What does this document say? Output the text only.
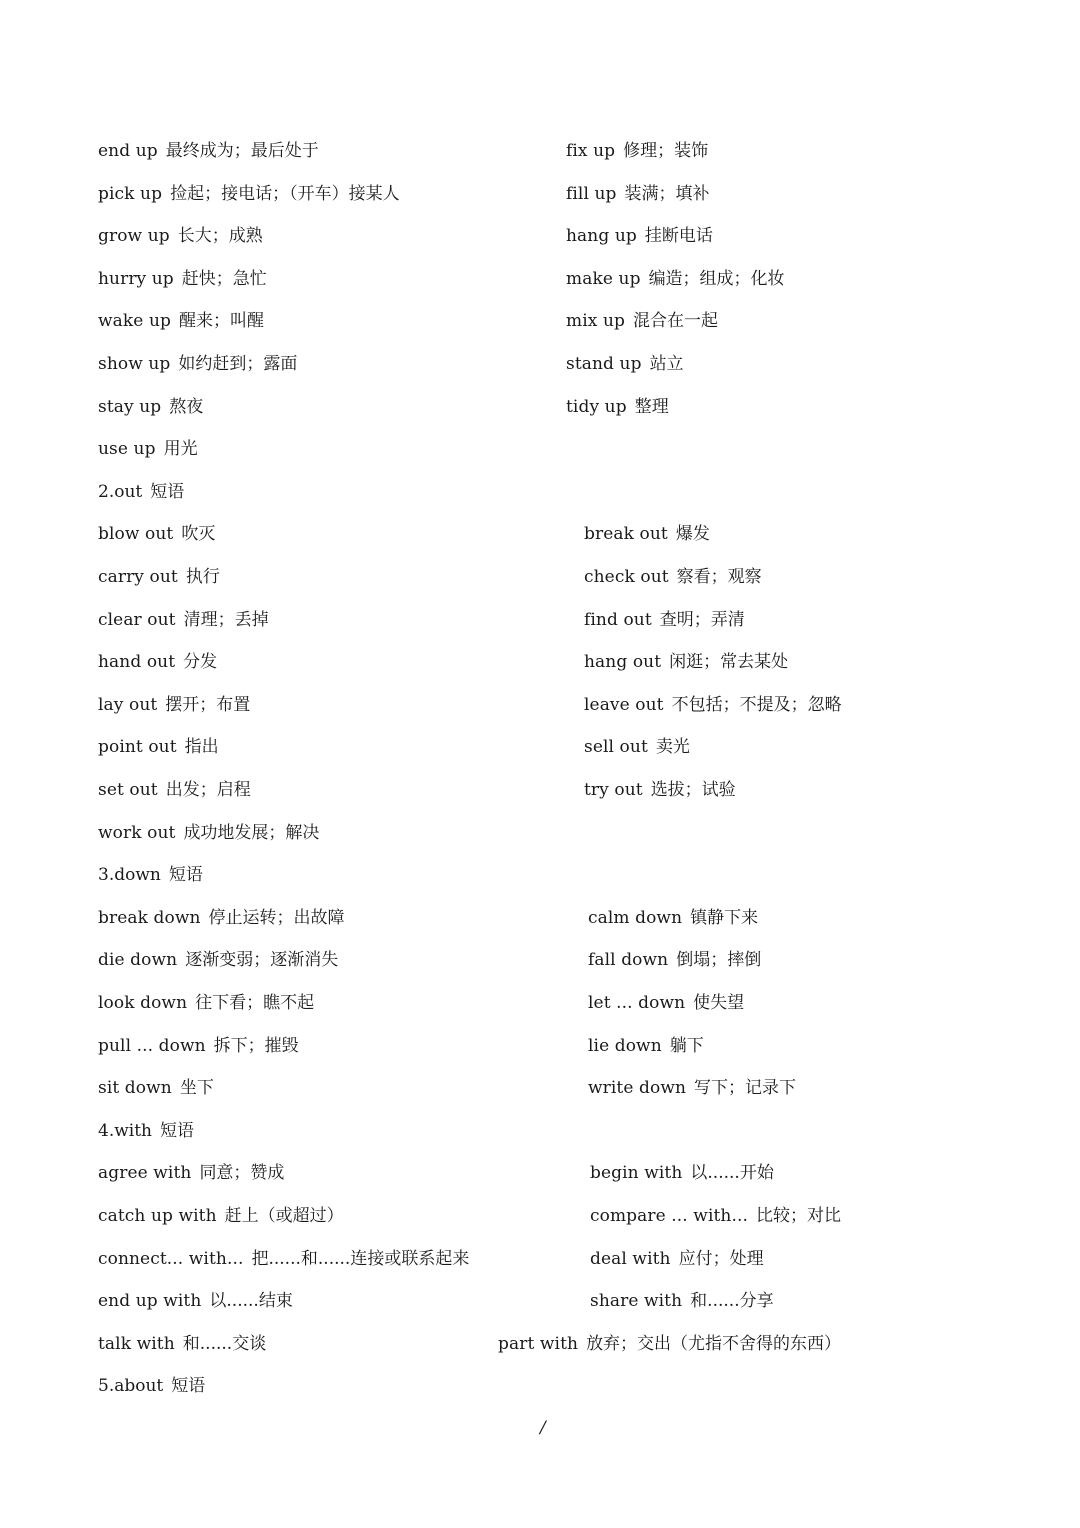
end up 最终成为；最后处于	fix up 修理；装饰
pick up 捡起；接电话；（开车）接某人	fill up 装满；填补
grow up 长大；成熟	hang up 挂断电话
hurry up 赶快；急忙	make up 编造；组成；化妆
wake up 醒来；叫醒	mix up 混合在一起
show up 如约赶到；露面	stand up 站立
stay up 熬夜	tidy up 整理
use up 用光
2.out 短语
blow out 吹灭	break out 爆发
carry out 执行	check out 察看；观察
clear out 清理；丢掉	find out 查明；弄清
hand out 分发	hang out 闲逛；常去某处
lay out 摆开；布置	leave out 不包括；不提及；忽略
point out 指出	sell out 卖光
set out 出发；启程	try out 选拔；试验
work out 成功地发展；解决
3.down 短语
break down 停止运转；出故障	calm down 镇静下来
die down 逐渐变弱；逐渐消失	fall down 倒塌；摔倒
look down 往下看；瞧不起	let ... down 使失望
pull ... down 拆下；摧毁	lie down 躺下
sit down 坐下	write down 写下；记录下
4.with 短语
agree with 同意；赞成	begin with 以......开始
catch up with 赶上（或超过）	compare ... with... 比较；对比
connect... with... 把......和......连接或联系起来	deal with 应付；处理
end up with 以......结束	share with 和......分享
talk with 和......交谈	part with 放弃；交出（尤指不舍得的东西）
5.about 短语
/
